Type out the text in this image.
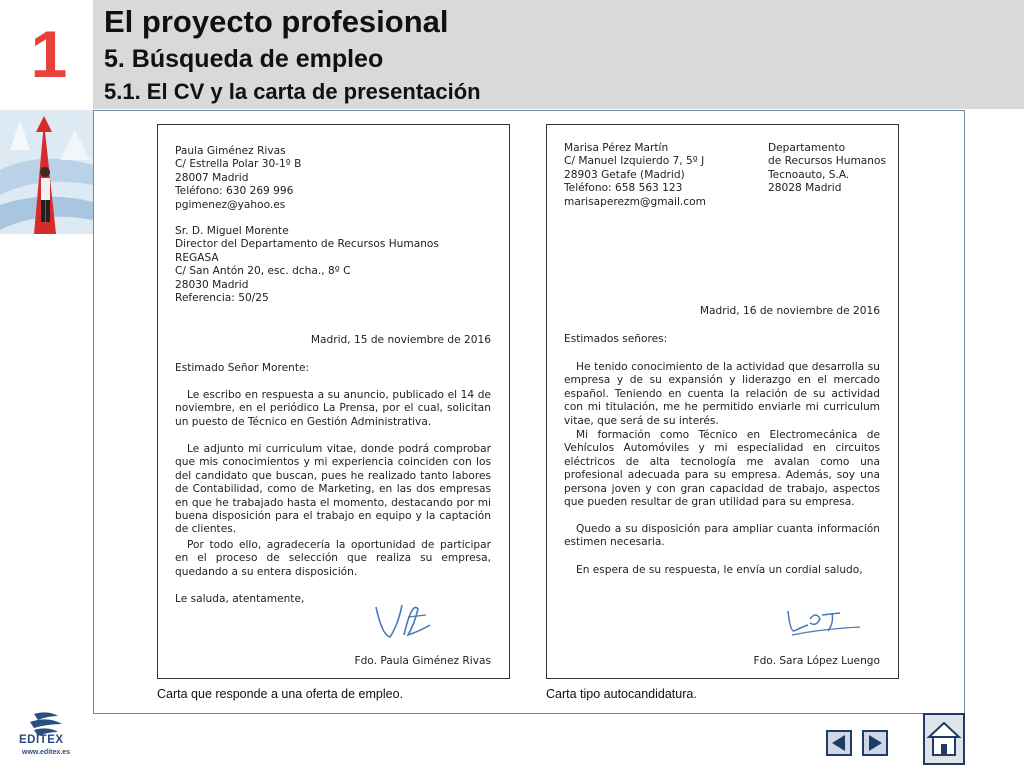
1	El proyecto profesional
5. Búsqueda de empleo
5.1. El CV y la carta de presentación
Paula Giménez Rivas
C/ Estrella Polar 30-1º B
28007 Madrid
Teléfono: 630 269 996
pgimenez@yahoo.es
Sr. D. Miguel Morente
Director del Departamento de Recursos Humanos
REGASA
C/ San Antón 20, esc. dcha., 8º C
28030 Madrid
Referencia: 50/25
Madrid, 15 de noviembre de 2016
Estimado Señor Morente:
Le escribo en respuesta a su anuncio, publicado el 14 de noviembre, en el periódico La Prensa, por el cual, solicitan un puesto de Técnico en Gestión Administrativa.
Le adjunto mi curriculum vitae, donde podrá comprobar que mis conocimientos y mi experiencia coinciden con los del candidato que buscan, pues he realizado tanto labores de Contabilidad, como de Marketing, en las dos empresas en que he trabajado hasta el momento, destacando por mi buena disposición para el trabajo en equipo y la captación de clientes.
Por todo ello, agradecería la oportunidad de participar en el proceso de selección que realiza su empresa, quedando a su entera disposición.
Le saluda, atentamente,
Fdo. Paula Giménez Rivas
Carta que responde a una oferta de empleo.
Marisa Pérez Martín
C/ Manuel Izquierdo 7, 5º J
28903 Getafe (Madrid)
Teléfono: 658 563 123
marisaperezm@gmail.com
Departamento
de Recursos Humanos
Tecnoauto, S.A.
28028 Madrid
Madrid, 16 de noviembre de 2016
Estimados señores:
He tenido conocimiento de la actividad que desarrolla su empresa y de su expansión y liderazgo en el mercado español. Teniendo en cuenta la relación de su actividad con mi titulación, me he permitido enviarle mi curriculum vitae, que será de su interés.
Mi formación como Técnico en Electromecánica de Vehículos Automóviles y mi especialidad en circuitos eléctricos de alta tecnología me avalan como una profesional adecuada para su empresa. Además, soy una persona joven y con gran capacidad de trabajo, aspectos que pueden resultar de gran utilidad para su empresa.
Quedo a su disposición para ampliar cuanta información estimen necesaria.
En espera de su respuesta, le envía un cordial saludo,
Fdo. Sara López Luengo
Carta tipo autocandidatura.
EDITEX
www.editex.es
